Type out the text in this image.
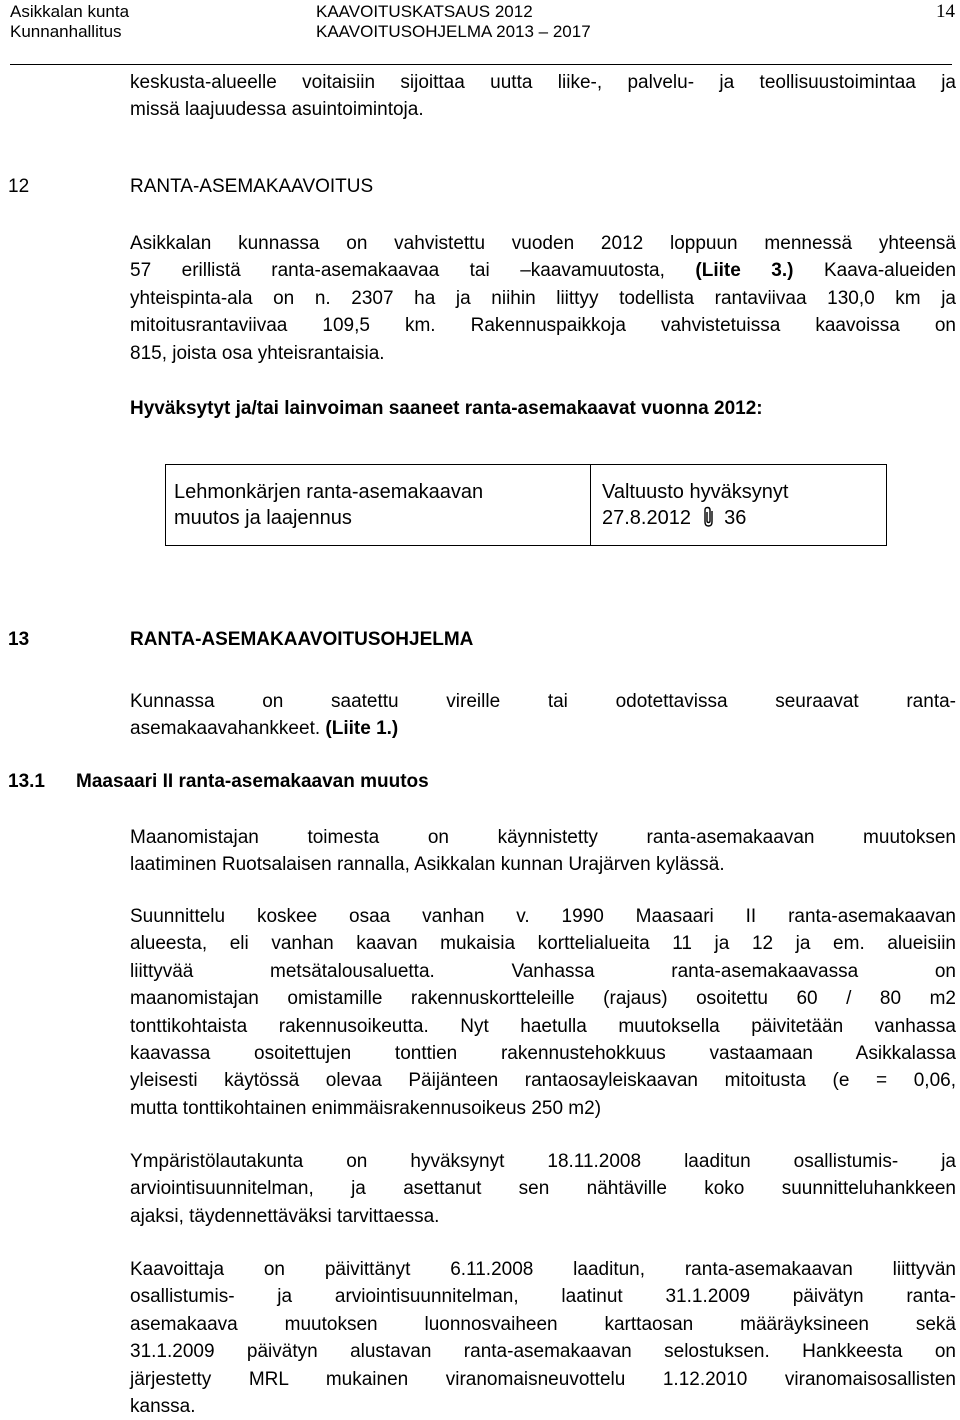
Asikkalan kunta
Kunnanhallitus
KAAVOITUSKATSAUS 2012
KAAVOITUSOHJELMA 2013 – 2017
14
keskusta-alueelle voitaisiin sijoittaa uutta liike-, palvelu- ja teollisuustoimintaa ja
missä laajuudessa asuintoimintoja.
12	RANTA-ASEMAKAAVOITUS
Asikkalan kunnassa on vahvistettu vuoden 2012 loppuun mennessä yhteensä
57 erillistä ranta-asemakaavaa tai –kaavamuutosta, (Liite 3.) Kaava-alueiden
yhteispinta-ala on n. 2307 ha ja niihin liittyy todellista rantaviivaa 130,0 km ja
mitoitusrantaviivaa 109,5 km. Rakennuspaikkoja vahvistetuissa kaavoissa on
815, joista osa yhteisrantaisia.
Hyväksytyt ja/tai lainvoiman saaneet ranta-asemakaavat vuonna 2012:
Lehmonkärjen ranta-asemakaavan
muutos ja laajennus
Valtuusto hyväksynyt
27.8.2012 36
13	RANTA-ASEMAKAAVOITUSOHJELMA
Kunnassa on saatettu vireille tai odotettavissa seuraavat ranta-
asemakaavahankkeet. (Liite 1.)
13.1 Maasaari II ranta-asemakaavan muutos
Maanomistajan toimesta on käynnistetty ranta-asemakaavan muutoksen
laatiminen Ruotsalaisen rannalla, Asikkalan kunnan Urajärven kylässä.
Suunnittelu koskee osaa vanhan v. 1990 Maasaari II ranta-asemakaavan
alueesta, eli vanhan kaavan mukaisia korttelialueita 11 ja 12 ja em. alueisiin
liittyvää metsätalousaluetta. Vanhassa ranta-asemakaavassa on
maanomistajan omistamille rakennuskortteleille (rajaus) osoitettu 60 / 80 m2
tonttikohtaista rakennusoikeutta. Nyt haetulla muutoksella päivitetään vanhassa
kaavassa osoitettujen tonttien rakennustehokkuus vastaamaan Asikkalassa
yleisesti käytössä olevaa Päijänteen rantaosayleiskaavan mitoitusta (e = 0,06,
mutta tonttikohtainen enimmäisrakennusoikeus 250 m2)
Ympäristölautakunta on hyväksynyt 18.11.2008 laaditun osallistumis- ja
arviointisuunnitelman, ja asettanut sen nähtäville koko suunnitteluhankkeen
ajaksi, täydennettäväksi tarvittaessa.
Kaavoittaja on päivittänyt 6.11.2008 laaditun, ranta-asemakaavan liittyvän
osallistumis- ja arviointisuunnitelman, laatinut 31.1.2009 päivätyn ranta-
asemakaava muutoksen luonnosvaiheen karttaosan määräyksineen sekä
31.1.2009 päivätyn alustavan ranta-asemakaavan selostuksen. Hankkeesta on
järjestetty MRL mukainen viranomaisneuvottelu 1.12.2010 viranomaisosallisten
kanssa.
